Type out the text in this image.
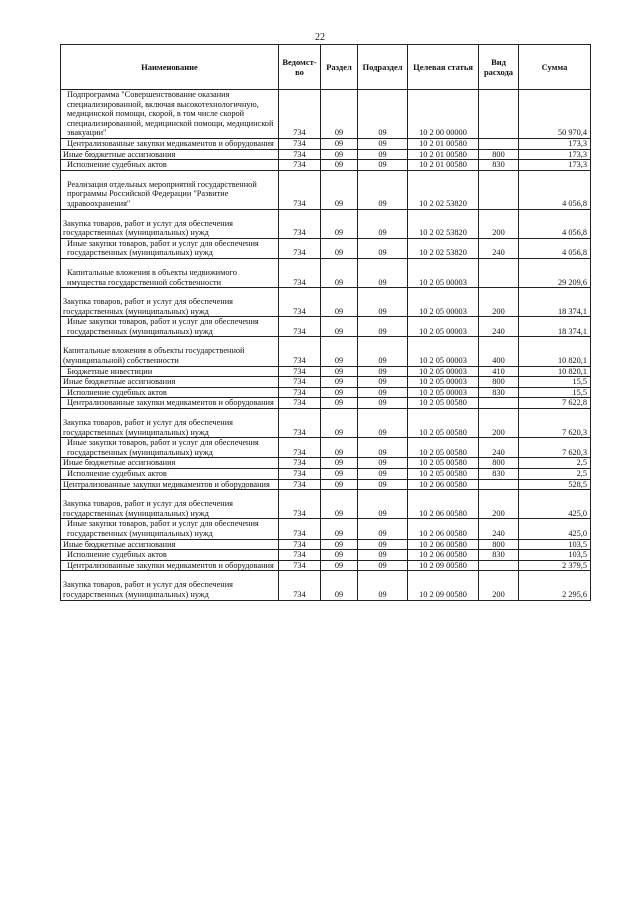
22
Наименование	Ведомст-во	Раздел	Подраздел	Целевая статья	Вид расхода	Сумма
Подпрограмма "Совершенствование оказания специализированной, включая высокотехнологичную, медицинской помощи, скорой, в том числе скорой специализированной, медицинской помощи, медицинской эвакуации"	734	09	09	10 2 00 00000		50 970,4
Централизованные закупки медикаментов и оборудования	734	09	09	10 2 01 00580		173,3
Иные бюджетные ассигнования	734	09	09	10 2 01 00580	800	173,3
Исполнение судебных актов	734	09	09	10 2 01 00580	830	173,3
Реализация отдельных мероприятий государственной программы Российской Федерации "Развитие здравоохранения"	734	09	09	10 2 02 53820		4 056,8
Закупка товаров, работ и услуг для обеспечения государственных (муниципальных) нужд	734	09	09	10 2 02 53820	200	4 056,8
Иные закупки товаров, работ и услуг для обеспечения государственных (муниципальных) нужд	734	09	09	10 2 02 53820	240	4 056,8
Капитальные вложения в объекты недвижимого имущества государственной собственности	734	09	09	10 2 05 00003		29 209,6
Закупка товаров, работ и услуг для обеспечения государственных (муниципальных) нужд	734	09	09	10 2 05 00003	200	18 374,1
Иные закупки товаров, работ и услуг для обеспечения государственных (муниципальных) нужд	734	09	09	10 2 05 00003	240	18 374,1
Капитальные вложения в объекты государственной (муниципальной) собственности	734	09	09	10 2 05 00003	400	10 820,1
Бюджетные инвестиции	734	09	09	10 2 05 00003	410	10 820,1
Иные бюджетные ассигнования	734	09	09	10 2 05 00003	800	15,5
Исполнение судебных актов	734	09	09	10 2 05 00003	830	15,5
Централизованные закупки медикаментов и оборудования	734	09	09	10 2 05 00580		7 622,8
Закупка товаров, работ и услуг для обеспечения государственных (муниципальных) нужд	734	09	09	10 2 05 00580	200	7 620,3
Иные закупки товаров, работ и услуг для обеспечения государственных (муниципальных) нужд	734	09	09	10 2 05 00580	240	7 620,3
Иные бюджетные ассигнования	734	09	09	10 2 05 00580	800	2,5
Исполнение судебных актов	734	09	09	10 2 05 00580	830	2,5
Централизованные закупки медикаментов и оборудования	734	09	09	10 2 06 00580		528,5
Закупка товаров, работ и услуг для обеспечения государственных (муниципальных) нужд	734	09	09	10 2 06 00580	200	425,0
Иные закупки товаров, работ и услуг для обеспечения государственных (муниципальных) нужд	734	09	09	10 2 06 00580	240	425,0
Иные бюджетные ассигнования	734	09	09	10 2 06 00580	800	103,5
Исполнение судебных актов	734	09	09	10 2 06 00580	830	103,5
Централизованные закупки медикаментов и оборудования	734	09	09	10 2 09 00580		2 379,5
Закупка товаров, работ и услуг для обеспечения государственных (муниципальных) нужд	734	09	09	10 2 09 00580	200	2 295,6
